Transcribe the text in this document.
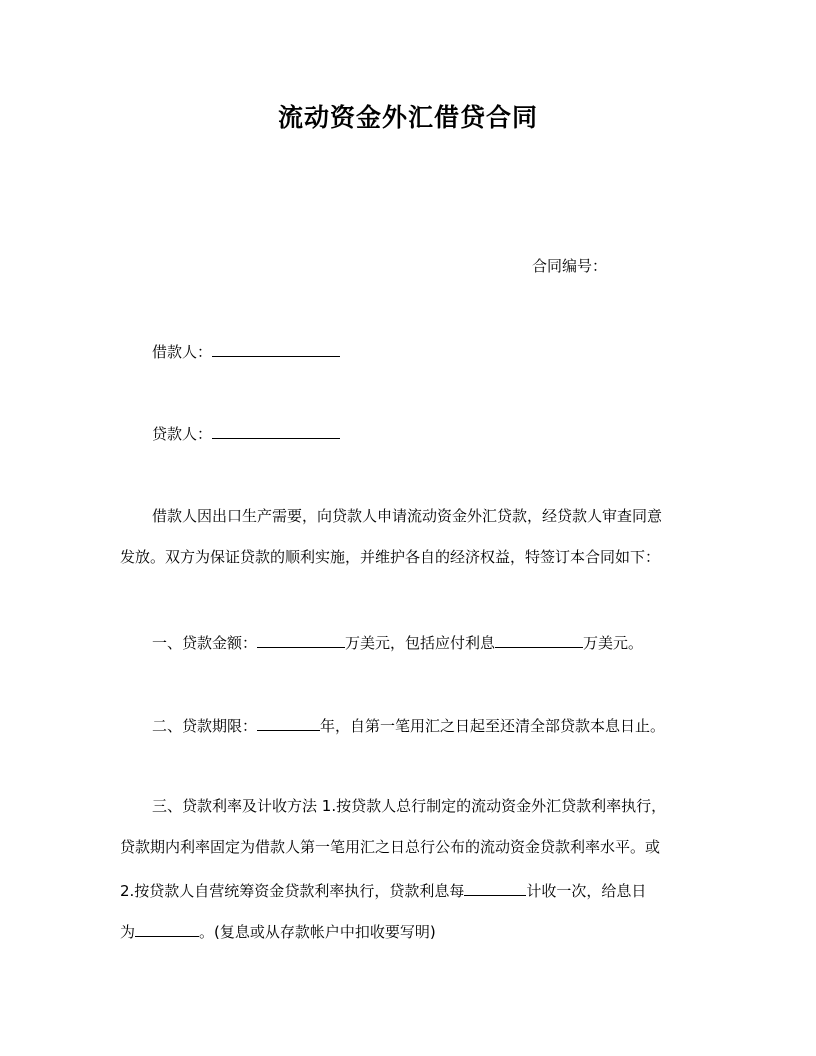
流动资金外汇借贷合同
合同编号：
借款人：
贷款人：
借款人因出口生产需要，向贷款人申请流动资金外汇贷款，经贷款人审查同意
发放。双方为保证贷款的顺利实施，并维护各自的经济权益，特签订本合同如下：
一、贷款金额：	万美元，包括应付利息	万美元。
二、贷款期限：	年，自第一笔用汇之日起至还清全部贷款本息日止。
三、贷款利率及计收方法 1.按贷款人总行制定的流动资金外汇贷款利率执行，
贷款期内利率固定为借款人第一笔用汇之日总行公布的流动资金贷款利率水平。或
2.按贷款人自营统筹资金贷款利率执行，贷款利息每	计收一次，给息日
为	。(复息或从存款帐户中扣收要写明)
